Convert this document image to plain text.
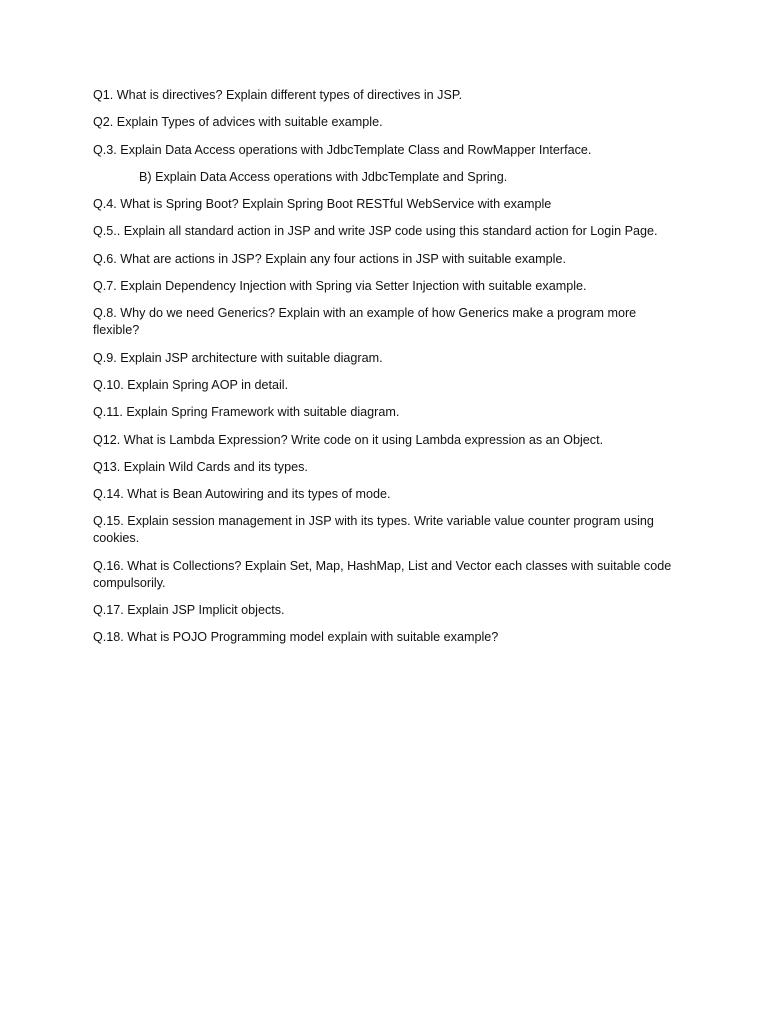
Q1. What is directives? Explain different types of directives in JSP.
Q2. Explain Types of advices with suitable example.
Q.3. Explain Data Access operations with JdbcTemplate Class and RowMapper Interface.
B) Explain Data Access operations with JdbcTemplate and Spring.
Q.4. What is Spring Boot? Explain Spring Boot RESTful WebService with example
Q.5.. Explain all standard action in JSP and write JSP code using this standard action for Login Page.
Q.6. What are actions in JSP? Explain any four actions in JSP with suitable example.
Q.7. Explain Dependency Injection with Spring via Setter Injection with suitable example.
Q.8. Why do we need Generics? Explain with an example of how Generics make a program more flexible?
Q.9. Explain JSP architecture with suitable diagram.
Q.10. Explain Spring AOP in detail.
Q.11. Explain Spring Framework with suitable diagram.
Q12. What is Lambda Expression? Write code on it using Lambda expression as an Object.
Q13. Explain Wild Cards and its types.
Q.14. What is Bean Autowiring and its types of mode.
Q.15. Explain session management in JSP with its types. Write variable value counter program using cookies.
Q.16. What is Collections? Explain Set, Map, HashMap, List and Vector each classes with suitable code compulsorily.
Q.17. Explain JSP Implicit objects.
Q.18. What is POJO Programming model explain with suitable example?
